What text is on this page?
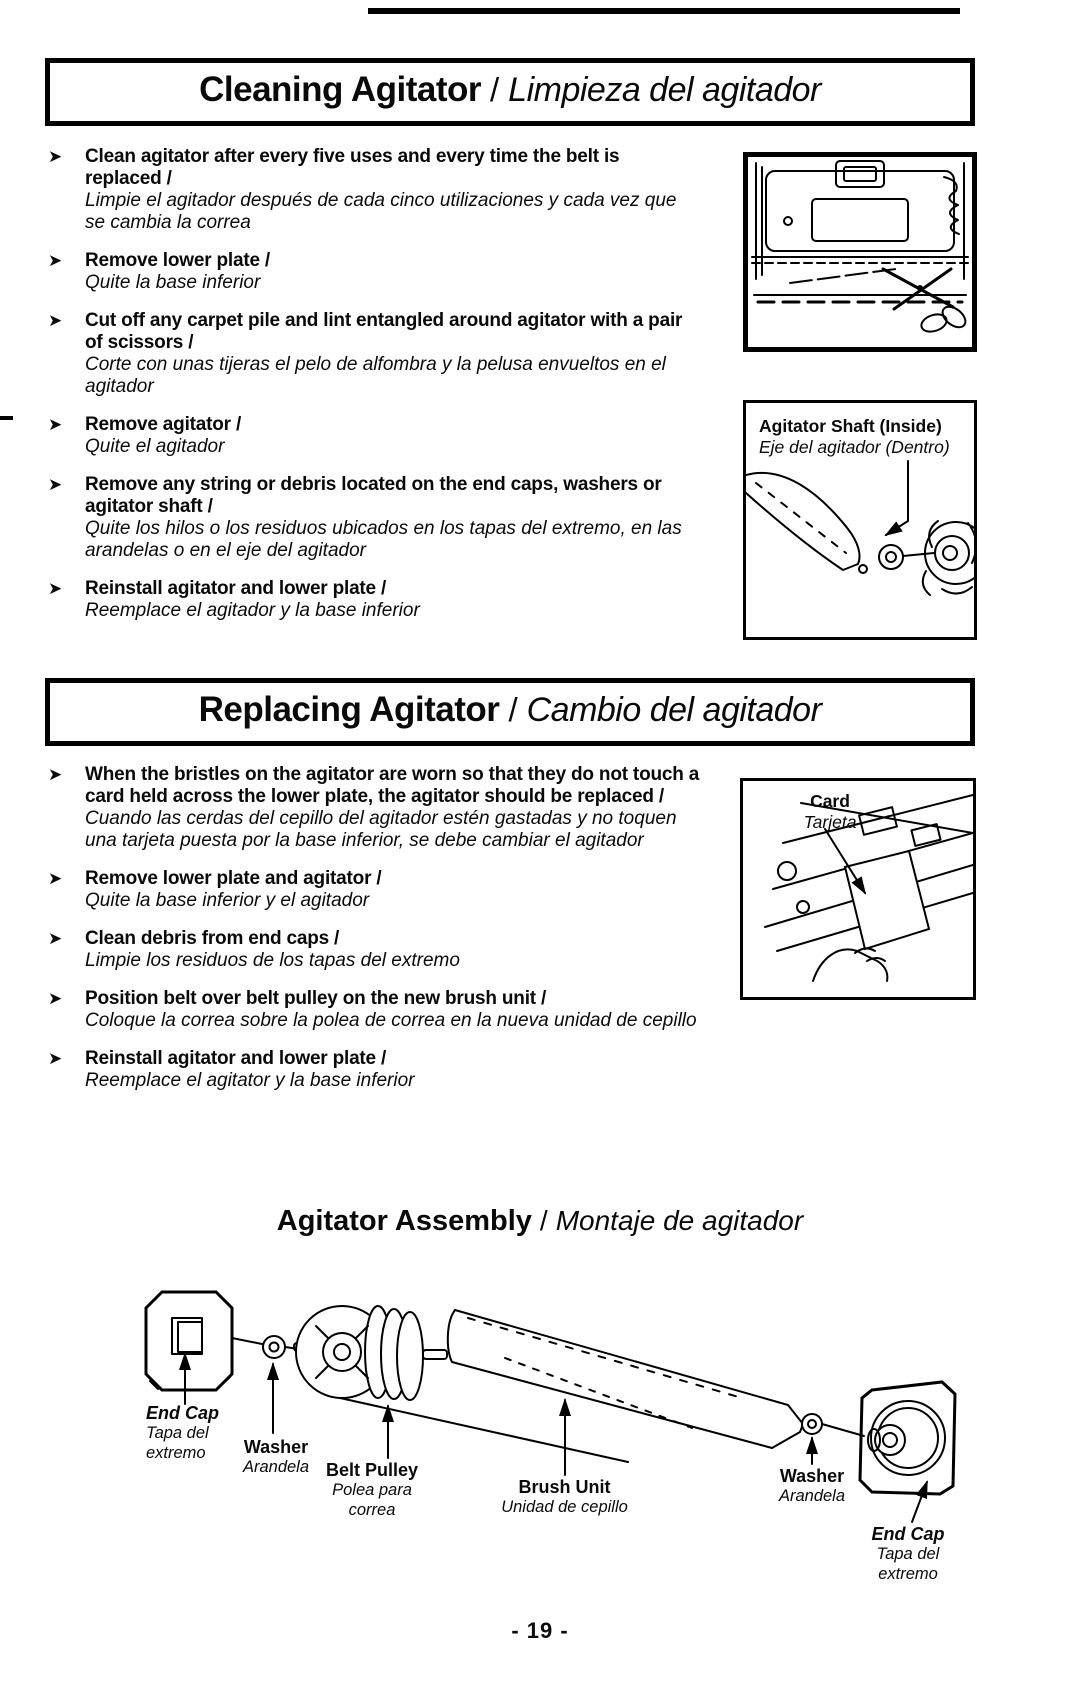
Cleaning Agitator / Limpieza del agitador
➤	Clean agitator after every five uses and every time the belt is replaced /
Limpie el agitador después de cada cinco utilizaciones y cada vez que se cambia la correa
➤	Remove lower plate /
Quite la base inferior
➤	Cut off any carpet pile and lint entangled around agitator with a pair of scissors /
Corte con unas tijeras el pelo de alfombra y la pelusa envueltos en el agitador
➤	Remove agitator /
Quite el agitador
➤	Remove any string or debris located on the end caps, washers or agitator shaft /
Quite los hilos o los residuos ubicados en los tapas del extremo, en las arandelas o en el eje del agitador
➤	Reinstall agitator and lower plate /
Reemplace el agitador y la base inferior
Agitator Shaft (Inside)
Eje del agitador (Dentro)
Replacing Agitator / Cambio del agitador
➤	When the bristles on the agitator are worn so that they do not touch a card held across the lower plate, the agitator should be replaced /
Cuando las cerdas del cepillo del agitador estén gastadas y no toquen una tarjeta puesta por la base inferior, se debe cambiar el agitador
➤	Remove lower plate and agitator /
Quite la base inferior y el agitador
➤	Clean debris from end caps /
Limpie los residuos de los tapas del extremo
➤	Position belt over belt pulley on the new brush unit /
Coloque la correa sobre la polea de correa en la nueva unidad de cepillo
➤	Reinstall agitator and lower plate /
Reemplace el agitator y la base inferior
Card
Tarjeta
Agitator Assembly / Montaje de agitador
End Cap
Tapa del extremo	Washer
Arandela Belt Pulley
Polea para correa
Brush Unit
Unidad de cepillo
Washer
Arandela
End Cap
Tapa del extremo
- 19 -
